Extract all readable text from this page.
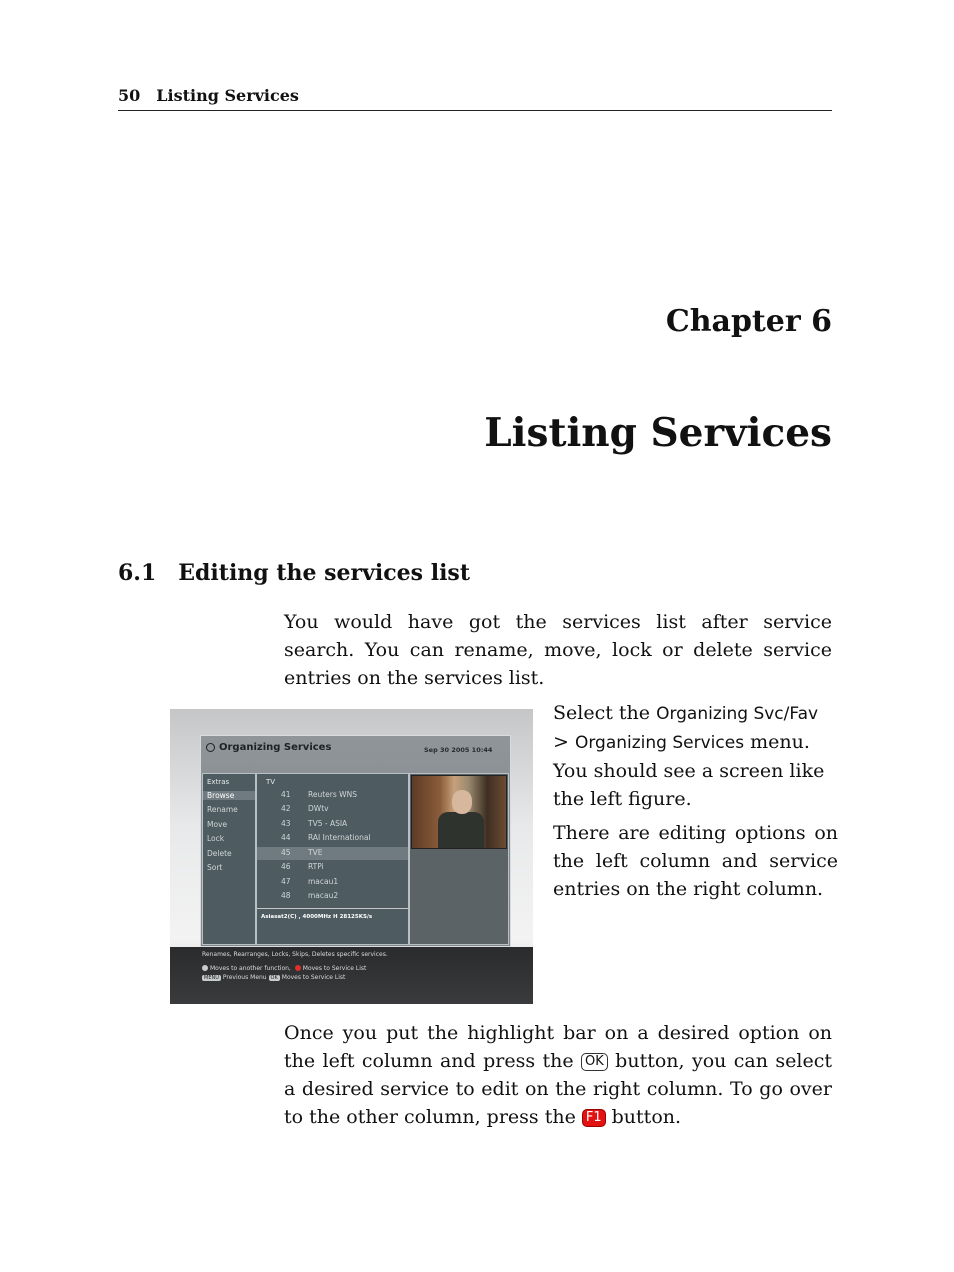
50 Listing Services
Chapter 6
Listing Services
6.1 Editing the services list

You would have got the services list after service search. You can rename, move, lock or delete service entries on the services list.

Select the Organizing Svc/Fav > Organizing Services menu. You should see a screen like the left figure.

There are editing options on the left column and service entries on the right column.

Once you put the highlight bar on a desired option on the left column and press the OK button, you can select a desired service to edit on the right column. To go over to the other column, press the F1 button.

Organizing Services	Sep 30 2005 10:44
Extras
Browse
Rename
Move
Lock
Delete
Sort
TV
41 Reuters WNS
42 DWtv
43 TV5 - ASIA
44 RAI International
45 TVE
46 RTPi
47 macau1
48 macau2
Asiasat2(C) , 4000MHz H 28125KS/s
Renames, Rearranges, Locks, Skips, Deletes specific services.
Moves to another function, Moves to Service List
MENU Previous Menu OK Moves to Service List
